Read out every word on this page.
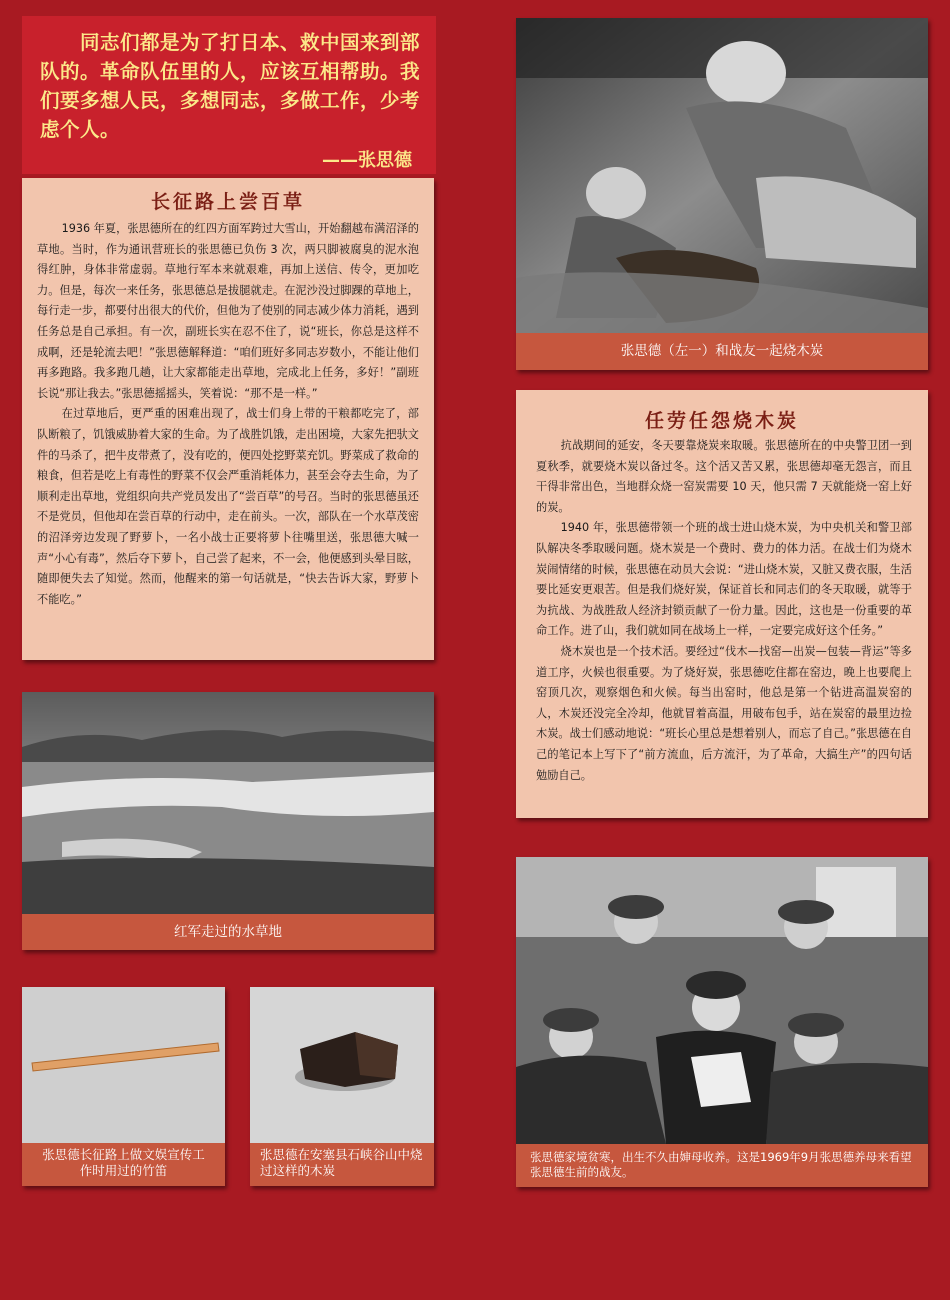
同志们都是为了打日本、救中国来到部队的。革命队伍里的人，应该互相帮助。我们要多想人民，多想同志，多做工作，少考虑个人。

——张思德
长征路上尝百草

1936 年夏，张思德所在的红四方面军跨过大雪山，开始翻越布满沼泽的草地。当时，作为通讯营班长的张思德已负伤 3 次，两只脚被腐臭的泥水泡得红肿，身体非常虚弱。草地行军本来就艰难，再加上送信、传令，更加吃力。但是，每次一来任务，张思德总是拔腿就走。在泥沙没过脚踝的草地上，每行走一步，都要付出很大的代价，但他为了使别的同志减少体力消耗，遇到任务总是自己承担。有一次，副班长实在忍不住了，说“班长，你总是这样不成啊，还是轮流去吧！”张思德解释道：“咱们班好多同志岁数小，不能让他们再多跑路。我多跑几趟，让大家都能走出草地，完成北上任务，多好！”副班长说“那让我去。”张思德摇摇头，笑着说：“那不是一样。”

在过草地后，更严重的困难出现了，战士们身上带的干粮都吃完了，部队断粮了，饥饿威胁着大家的生命。为了战胜饥饿，走出困境，大家先把驮文件的马杀了，把牛皮带煮了，没有吃的，便四处挖野菜充饥。野菜成了救命的粮食，但若是吃上有毒性的野菜不仅会严重消耗体力，甚至会夺去生命，为了顺利走出草地，党组织向共产党员发出了“尝百草”的号召。当时的张思德虽还不是党员，但他却在尝百草的行动中，走在前头。一次，部队在一个水草茂密的沼泽旁边发现了野萝卜，一名小战士正要将萝卜往嘴里送，张思德大喊一声“小心有毒”，然后夺下萝卜，自己尝了起来，不一会，他便感到头晕目眩，随即便失去了知觉。然而，他醒来的第一句话就是，“快去告诉大家，野萝卜不能吃。”

张思德（左一）和战友一起烧木炭
任劳任怨烧木炭

抗战期间的延安，冬天要靠烧炭来取暖。张思德所在的中央警卫团一到夏秋季，就要烧木炭以备过冬。这个活又苦又累，张思德却毫无怨言，而且干得非常出色，当地群众烧一窑炭需要 10 天，他只需 7 天就能烧一窑上好的炭。

1940 年，张思德带领一个班的战士进山烧木炭，为中央机关和警卫部队解决冬季取暖问题。烧木炭是一个费时、费力的体力活。在战士们为烧木炭闹情绪的时候，张思德在动员大会说：“进山烧木炭，又脏又费衣服，生活要比延安更艰苦。但是我们烧好炭，保证首长和同志们的冬天取暖，就等于为抗战、为战胜敌人经济封锁贡献了一份力量。因此，这也是一份重要的革命工作。进了山，我们就如同在战场上一样，一定要完成好这个任务。”

烧木炭也是一个技术活。要经过“伐木—找窑—出炭—包装—背运”等多道工序，火候也很重要。为了烧好炭，张思德吃住都在窑边，晚上也要爬上窑顶几次，观察烟色和火候。每当出窑时，他总是第一个钻进高温炭窑的人，木炭还没完全冷却，他就冒着高温，用破布包手，站在炭窑的最里边捡木炭。战士们感动地说：“班长心里总是想着别人，而忘了自己。”张思德在自己的笔记本上写下了“前方流血，后方流汗，为了革命，大搞生产”的四句话勉励自己。

红军走过的水草地
张思德长征路上做文娱宣传工作时用过的竹笛
张思德在安塞县石峡谷山中烧过这样的木炭
张思德家境贫寒，出生不久由婶母收养。这是1969年9月张思德养母来看望张思德生前的战友。
